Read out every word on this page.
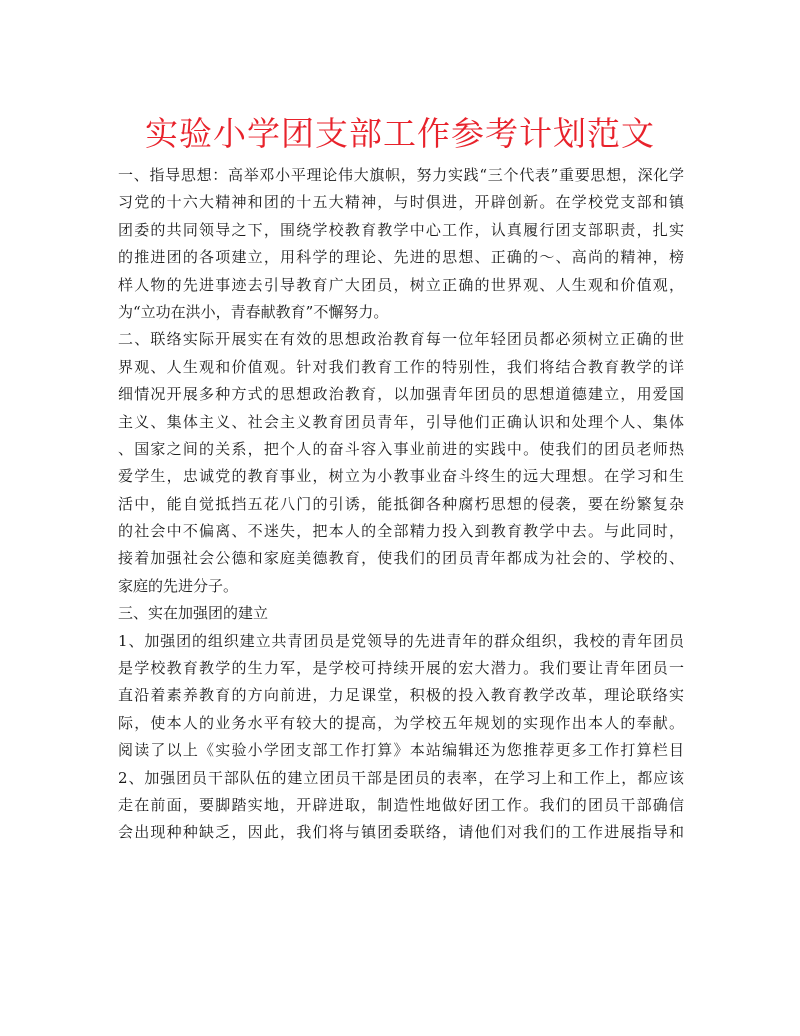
实验小学团支部工作参考计划范文
一、指导思想：高举邓小平理论伟大旗帜，努力实践“三个代表”重要思想，深化学
习党的十六大精神和团的十五大精神，与时俱进，开辟创新。在学校党支部和镇
团委的共同领导之下，围绕学校教育教学中心工作，认真履行团支部职责，扎实
的推进团的各项建立，用科学的理论、先进的思想、正确的～、高尚的精神，榜
样人物的先进事迹去引导教育广大团员，树立正确的世界观、人生观和价值观，
为“立功在洪小，青春献教育”不懈努力。
二、联络实际开展实在有效的思想政治教育每一位年轻团员都必须树立正确的世
界观、人生观和价值观。针对我们教育工作的特别性，我们将结合教育教学的详
细情况开展多种方式的思想政治教育，以加强青年团员的思想道德建立，用爱国
主义、集体主义、社会主义教育团员青年，引导他们正确认识和处理个人、集体
、国家之间的关系，把个人的奋斗容入事业前进的实践中。使我们的团员老师热
爱学生，忠诚党的教育事业，树立为小教事业奋斗终生的远大理想。在学习和生
活中，能自觉抵挡五花八门的引诱，能抵御各种腐朽思想的侵袭，要在纷繁复杂
的社会中不偏离、不迷失，把本人的全部精力投入到教育教学中去。与此同时，
接着加强社会公德和家庭美德教育，使我们的团员青年都成为社会的、学校的、
家庭的先进分子。
三、实在加强团的建立
1、加强团的组织建立共青团员是党领导的先进青年的群众组织，我校的青年团员
是学校教育教学的生力军，是学校可持续开展的宏大潜力。我们要让青年团员一
直沿着素养教育的方向前进，力足课堂，积极的投入教育教学改革，理论联络实
际，使本人的业务水平有较大的提高，为学校五年规划的实现作出本人的奉献。
阅读了以上《实验小学团支部工作打算》本站编辑还为您推荐更多工作打算栏目
2、加强团员干部队伍的建立团员干部是团员的表率，在学习上和工作上，都应该
走在前面，要脚踏实地，开辟进取，制造性地做好团工作。我们的团员干部确信
会出现种种缺乏，因此，我们将与镇团委联络，请他们对我们的工作进展指导和
